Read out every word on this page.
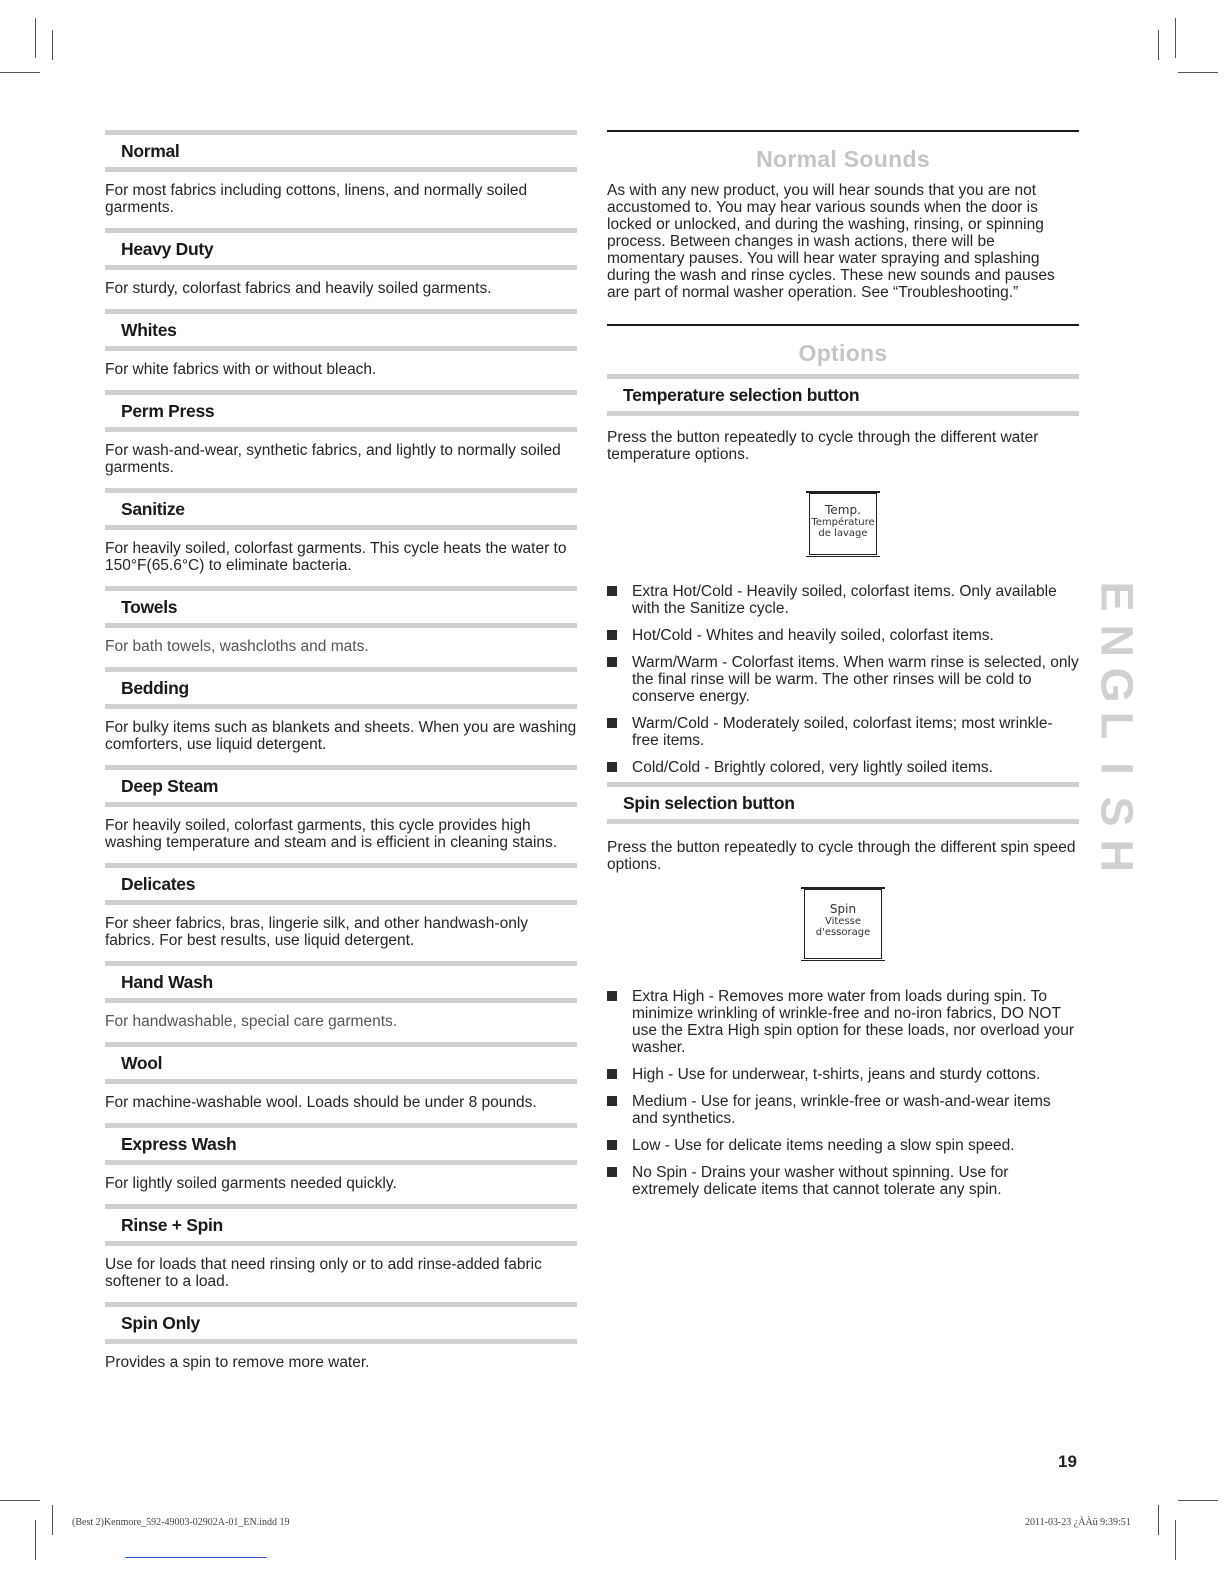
Normal

For most fabrics including cottons, linens, and normally soiled garments.

Heavy Duty

For sturdy, colorfast fabrics and heavily soiled garments.

Whites

For white fabrics with or without bleach.

Perm Press

For wash-and-wear, synthetic fabrics, and lightly to normally soiled garments.

Sanitize

For heavily soiled, colorfast garments. This cycle heats the water to 150°F(65.6°C) to eliminate bacteria.

Towels

For bath towels, washcloths and mats.

Bedding

For bulky items such as blankets and sheets. When you are washing comforters, use liquid detergent.

Deep Steam

For heavily soiled, colorfast garments, this cycle provides high washing temperature and steam and is efficient in cleaning stains.

Delicates

For sheer fabrics, bras, lingerie silk, and other handwash-only fabrics. For best results, use liquid detergent.

Hand Wash

For handwashable, special care garments.

Wool

For machine-washable wool. Loads should be under 8 pounds.

Express Wash

For lightly soiled garments needed quickly.

Rinse + Spin

Use for loads that need rinsing only or to add rinse-added fabric softener to a load.

Spin Only

Provides a spin to remove more water.

Normal Sounds

As with any new product, you will hear sounds that you are not accustomed to. You may hear various sounds when the door is locked or unlocked, and during the washing, rinsing, or spinning process. Between changes in wash actions, there will be momentary pauses. You will hear water spraying and splashing during the wash and rinse cycles. These new sounds and pauses are part of normal washer operation. See “Troubleshooting.”

Options
Temperature selection button

Press the button repeatedly to cycle through the different water temperature options.

Temp.
Température
de lavage
Extra Hot/Cold - Heavily soiled, colorfast items. Only available with the Sanitize cycle.
Hot/Cold - Whites and heavily soiled, colorfast items.
Warm/Warm - Colorfast items. When warm rinse is selected, only the final rinse will be warm. The other rinses will be cold to conserve energy.
Warm/Cold - Moderately soiled, colorfast items; most wrinkle-free items.
Cold/Cold - Brightly colored, very lightly soiled items.
Spin selection button

Press the button repeatedly to cycle through the different spin speed options.

Spin
Vitesse
d'essorage
Extra High - Removes more water from loads during spin. To minimize wrinkling of wrinkle-free and no-iron fabrics, DO NOT use the Extra High spin option for these loads, nor overload your washer.
High - Use for underwear, t-shirts, jeans and sturdy cottons.
Medium - Use for jeans, wrinkle-free or wash-and-wear items and synthetics.
Low - Use for delicate items needing a slow spin speed.
No Spin - Drains your washer without spinning. Use for extremely delicate items that cannot tolerate any spin.
E
N
G
L
I
S
H
19
(Best 2)Kenmore_592-49003-02902A-01_EN.indd 19	2011-03-23 ¿ÀÀü 9:39:51
